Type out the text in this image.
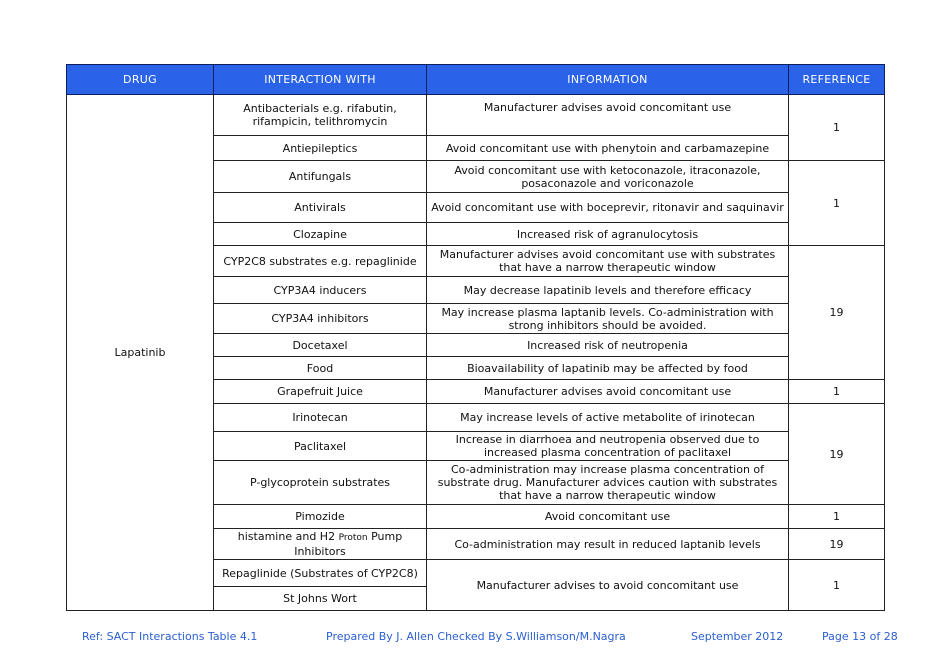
DRUG	INTERACTION WITH	INFORMATION	REFERENCE
Lapatinib	Antibacterials e.g. rifabutin, rifampicin, telithromycin	Manufacturer advises avoid concomitant use	1
	Antiepileptics	Avoid concomitant use with phenytoin and carbamazepine	
	Antifungals	Avoid concomitant use with ketoconazole, itraconazole, posaconazole and voriconazole	1
	Antivirals	Avoid concomitant use with boceprevir, ritonavir and saquinavir	
	Clozapine	Increased risk of agranulocytosis	
	CYP2C8 substrates e.g. repaglinide	Manufacturer advises avoid concomitant use with substrates that have a narrow therapeutic window	19
	CYP3A4 inducers	May decrease lapatinib levels and therefore efficacy	
	CYP3A4 inhibitors	May increase plasma laptanib levels. Co-administration with strong inhibitors should be avoided.	
	Docetaxel	Increased risk of neutropenia	
	Food	Bioavailability of lapatinib may be affected by food	
	Grapefruit Juice	Manufacturer advises avoid concomitant use	1
	Irinotecan	May increase levels of active metabolite of irinotecan	19
	Paclitaxel	Increase in diarrhoea and neutropenia observed due to increased plasma concentration of paclitaxel	
	P-glycoprotein substrates	Co-administration may increase plasma concentration of substrate drug. Manufacturer advices caution with substrates that have a narrow therapeutic window	
	Pimozide	Avoid concomitant use	1
	histamine and H2 Proton Pump Inhibitors	Co-administration may result in reduced laptanib levels	19
	Repaglinide (Substrates of CYP2C8)	Manufacturer advises to avoid concomitant use	1
	St Johns Wort		
Ref: SACT Interactions Table 4.1	Prepared By J. Allen Checked By S.Williamson/M.Nagra	September 2012	Page 13 of 28
